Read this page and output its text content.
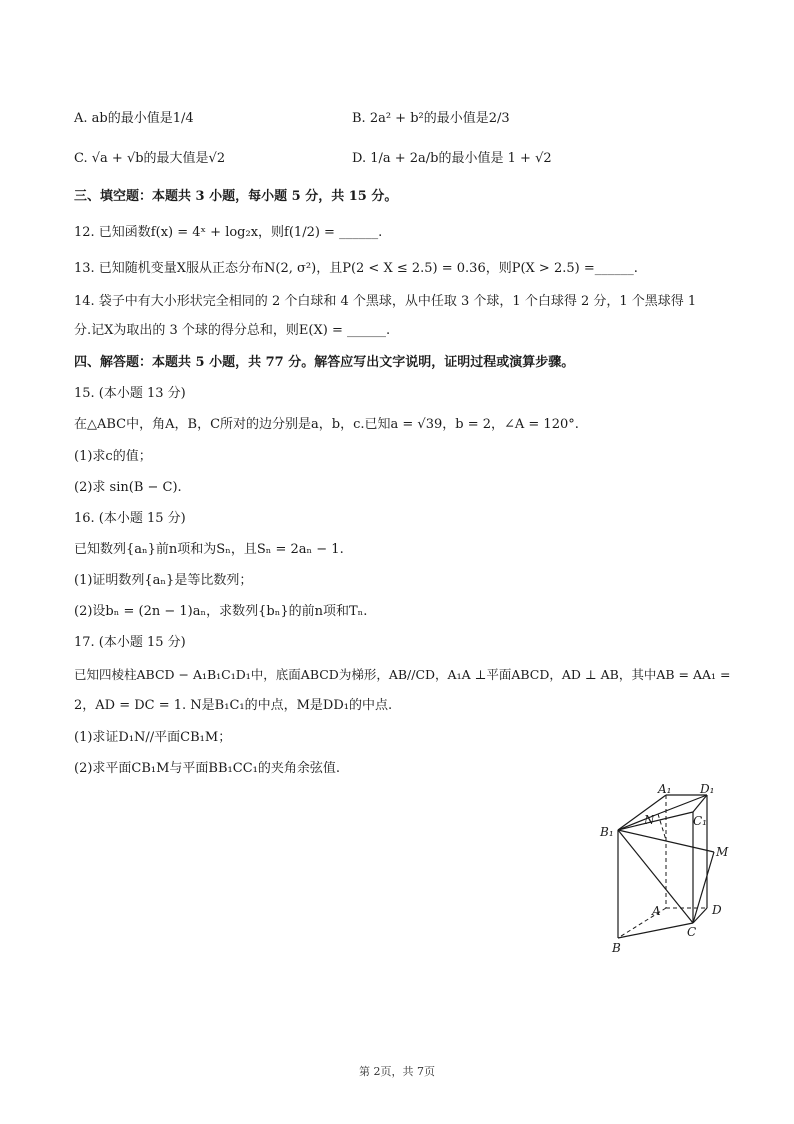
A. ab的最小值是1/4	B. 2a² + b²的最小值是2/3
C. √a + √b的最大值是√2	D. 1/a + 2a/b的最小值是 1 + √2
三、填空题：本题共 3 小题，每小题 5 分，共 15 分。
12. 已知函数f(x) = 4ˣ + log₂x，则f(1/2) = ______.
13. 已知随机变量X服从正态分布N(2, σ²)，且P(2 < X ≤ 2.5) = 0.36，则P(X > 2.5) =______.
14. 袋子中有大小形状完全相同的 2 个白球和 4 个黑球，从中任取 3 个球，1 个白球得 2 分，1 个黑球得 1
分.记X为取出的 3 个球的得分总和，则E(X) = ______.
四、解答题：本题共 5 小题，共 77 分。解答应写出文字说明，证明过程或演算步骤。
15. (本小题 13 分)
在△ABC中，角A，B，C所对的边分别是a，b，c.已知a = √39，b = 2，∠A = 120°.
(1)求c的值；
(2)求 sin(B − C).
16. (本小题 15 分)
已知数列{aₙ}前n项和为Sₙ，且Sₙ = 2aₙ − 1.
(1)证明数列{aₙ}是等比数列；
(2)设bₙ = (2n − 1)aₙ，求数列{bₙ}的前n项和Tₙ.
17. (本小题 15 分)
已知四棱柱ABCD − A₁B₁C₁D₁中，底面ABCD为梯形，AB//CD，A₁A ⊥平面ABCD，AD ⊥ AB，其中AB = AA₁ =
2，AD = DC = 1. N是B₁C₁的中点，M是DD₁的中点.
(1)求证D₁N//平面CB₁M；
(2)求平面CB₁M与平面BB₁CC₁的夹角余弦值.
A₁ D₁
N	C₁
B₁
M
A	D
C
B
第 2页，共 7页
